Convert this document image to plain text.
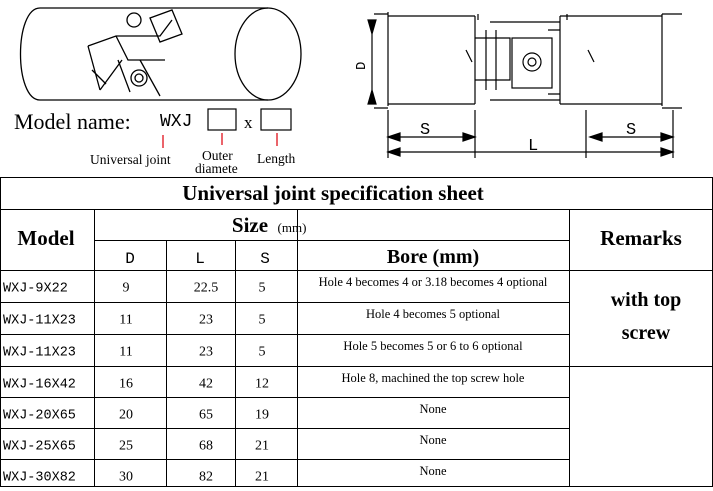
Model name: WXJ	x
Universal joint Outer
diamete
Length
D
S
L
S
Universal joint specification sheet
Model
Size (mm)	Remarks
D	L	S	Bore (mm)
WXJ-9X22	9	22.5	5	Hole 4 becomes 4 or 3.18 becomes 4 optional
WXJ-11X23	11	23	5	Hole 4 becomes 5 optional
WXJ-11X23	11	23	5	Hole 5 becomes 5 or 6 to 6 optional
WXJ-16X42	16	42	12	Hole 8, machined the top screw hole
WXJ-20X65	20	65	19	None
WXJ-25X65	25	68	21	None
WXJ-30X82	30	82	21	None
with top
screw
